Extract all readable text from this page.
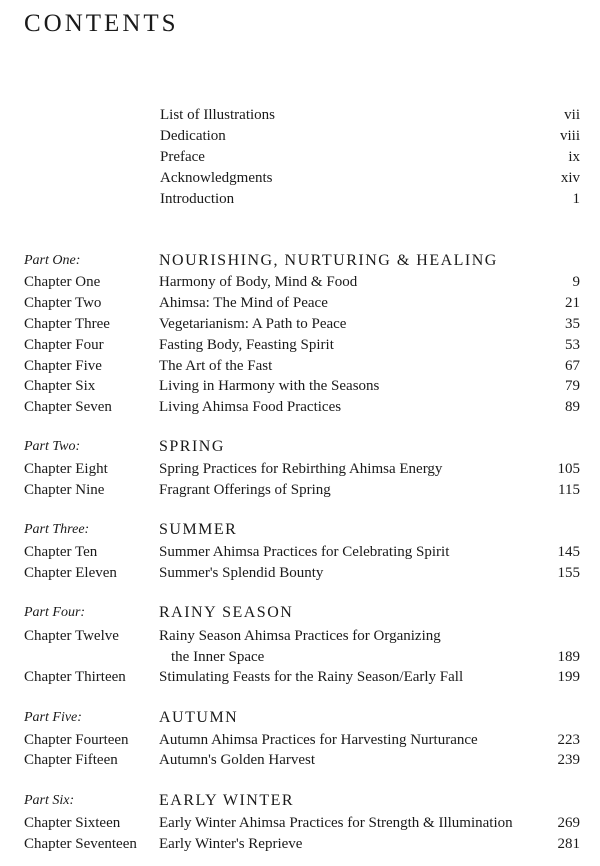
CONTENTS
List of Illustrations	vii
Dedication	viii
Preface	ix
Acknowledgments	xiv
Introduction	1
Part One:	NOURISHING, NURTURING & HEALING
Chapter One	Harmony of Body, Mind & Food	9
Chapter Two	Ahimsa: The Mind of Peace	21
Chapter Three	Vegetarianism: A Path to Peace	35
Chapter Four	Fasting Body, Feasting Spirit	53
Chapter Five	The Art of the Fast	67
Chapter Six	Living in Harmony with the Seasons	79
Chapter Seven	Living Ahimsa Food Practices	89
Part Two:	SPRING
Chapter Eight	Spring Practices for Rebirthing Ahimsa Energy	105
Chapter Nine	Fragrant Offerings of Spring	115
Part Three:	SUMMER
Chapter Ten	Summer Ahimsa Practices for Celebrating Spirit	145
Chapter Eleven	Summer's Splendid Bounty	155
Part Four:	RAINY SEASON
Chapter Twelve	Rainy Season Ahimsa Practices for Organizing
the Inner Space	189
Chapter Thirteen Stimulating Feasts for the Rainy Season/Early Fall	199
Part Five:	AUTUMN
Chapter Fourteen Autumn Ahimsa Practices for Harvesting Nurturance	223
Chapter Fifteen	Autumn's Golden Harvest	239
Part Six:	EARLY WINTER
Chapter Sixteen	Early Winter Ahimsa Practices for Strength & Illumination	269
Chapter Seventeen Early Winter's Reprieve	281
